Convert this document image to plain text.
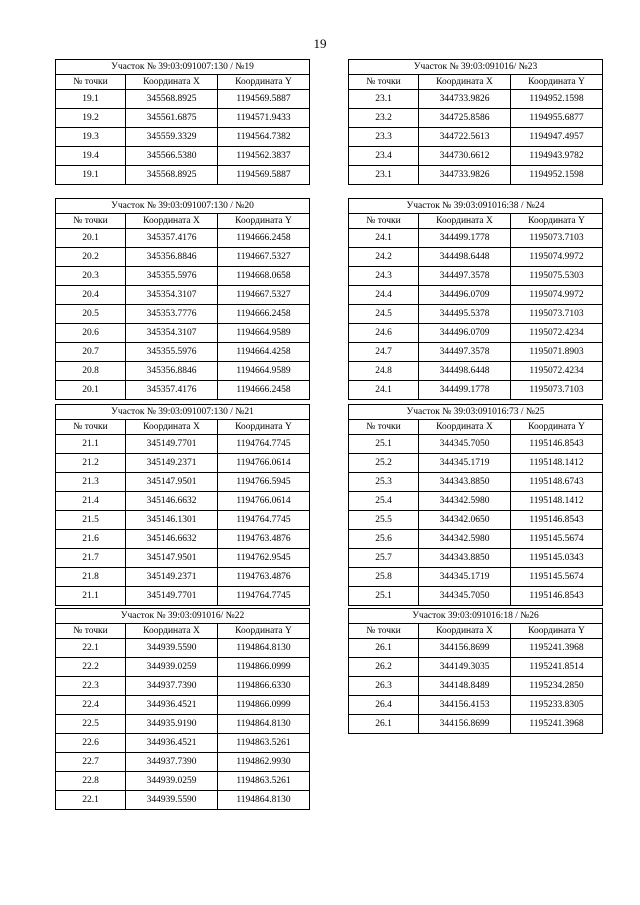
19
Участок № 39:03:091007:130 / №19		
№ точки	Координата X	Координата Y
19.1	345568.8925	1194569.5887
19.2	345561.6875	1194571.9433
19.3	345559.3329	1194564.7382
19.4	345566.5380	1194562.3837
19.1	345568.8925	1194569.5887
Участок № 39:03:091016/ №23		
№ точки	Координата X	Координата Y
23.1	344733.9826	1194952.1598
23.2	344725.8586	1194955.6877
23.3	344722.5613	1194947.4957
23.4	344730.6612	1194943.9782
23.1	344733.9826	1194952.1598
Участок № 39:03:091007:130 / №20		
№ точки	Координата X	Координата Y
20.1	345357.4176	1194666.2458
20.2	345356.8846	1194667.5327
20.3	345355.5976	1194668.0658
20.4	345354.3107	1194667.5327
20.5	345353.7776	1194666.2458
20.6	345354.3107	1194664.9589
20.7	345355.5976	1194664.4258
20.8	345356.8846	1194664.9589
20.1	345357.4176	1194666.2458
Участок № 39:03:091016:38 / №24		
№ точки	Координата X	Координата Y
24.1	344499.1778	1195073.7103
24.2	344498.6448	1195074.9972
24.3	344497.3578	1195075.5303
24.4	344496.0709	1195074.9972
24.5	344495.5378	1195073.7103
24.6	344496.0709	1195072.4234
24.7	344497.3578	1195071.8903
24.8	344498.6448	1195072.4234
24.1	344499.1778	1195073.7103
Участок № 39:03:091007:130 / №21		
№ точки	Координата X	Координата Y
21.1	345149.7701	1194764.7745
21.2	345149.2371	1194766.0614
21.3	345147.9501	1194766.5945
21.4	345146.6632	1194766.0614
21.5	345146.1301	1194764.7745
21.6	345146.6632	1194763.4876
21.7	345147.9501	1194762.9545
21.8	345149.2371	1194763.4876
21.1	345149.7701	1194764.7745
Участок № 39:03:091016:73 / №25		
№ точки	Координата X	Координата Y
25.1	344345.7050	1195146.8543
25.2	344345.1719	1195148.1412
25.3	344343.8850	1195148.6743
25.4	344342.5980	1195148.1412
25.5	344342.0650	1195146.8543
25.6	344342.5980	1195145.5674
25.7	344343.8850	1195145.0343
25.8	344345.1719	1195145.5674
25.1	344345.7050	1195146.8543
Участок № 39:03:091016/ №22		
№ точки	Координата X	Координата Y
22.1	344939.5590	1194864.8130
22.2	344939.0259	1194866.0999
22.3	344937.7390	1194866.6330
22.4	344936.4521	1194866.0999
22.5	344935.9190	1194864.8130
22.6	344936.4521	1194863.5261
22.7	344937.7390	1194862.9930
22.8	344939.0259	1194863.5261
22.1	344939.5590	1194864.8130
Участок 39:03:091016:18 / №26		
№ точки	Координата X	Координата Y
26.1	344156.8699	1195241.3968
26.2	344149.3035	1195241.8514
26.3	344148.8489	1195234.2850
26.4	344156.4153	1195233.8305
26.1	344156.8699	1195241.3968
